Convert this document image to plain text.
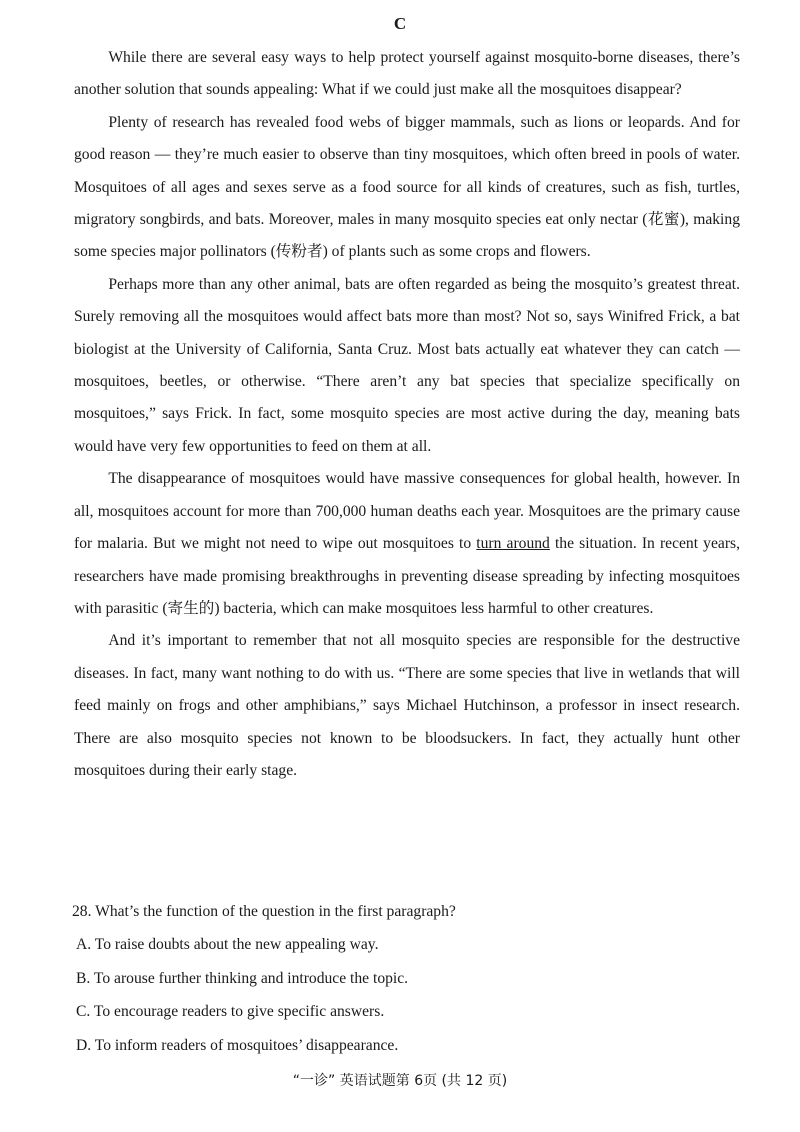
C

While there are several easy ways to help protect yourself against mosquito-borne diseases, there’s another solution that sounds appealing: What if we could just make all the mosquitoes disappear?

Plenty of research has revealed food webs of bigger mammals, such as lions or leopards. And for good reason — they’re much easier to observe than tiny mosquitoes, which often breed in pools of water. Mosquitoes of all ages and sexes serve as a food source for all kinds of creatures, such as fish, turtles, migratory songbirds, and bats. Moreover, males in many mosquito species eat only nectar (花蜜), making some species major pollinators (传粉者) of plants such as some crops and flowers.

Perhaps more than any other animal, bats are often regarded as being the mosquito’s greatest threat. Surely removing all the mosquitoes would affect bats more than most? Not so, says Winifred Frick, a bat biologist at the University of California, Santa Cruz. Most bats actually eat whatever they can catch — mosquitoes, beetles, or otherwise. “There aren’t any bat species that specialize specifically on mosquitoes,” says Frick. In fact, some mosquito species are most active during the day, meaning bats would have very few opportunities to feed on them at all.

The disappearance of mosquitoes would have massive consequences for global health, however. In all, mosquitoes account for more than 700,000 human deaths each year. Mosquitoes are the primary cause for malaria. But we might not need to wipe out mosquitoes to turn around the situation. In recent years, researchers have made promising breakthroughs in preventing disease spreading by infecting mosquitoes with parasitic (寄生的) bacteria, which can make mosquitoes less harmful to other creatures.

And it’s important to remember that not all mosquito species are responsible for the destructive diseases. In fact, many want nothing to do with us. “There are some species that live in wetlands that will feed mainly on frogs and other amphibians,” says Michael Hutchinson, a professor in insect research. There are also mosquito species not known to be bloodsuckers. In fact, they actually hunt other mosquitoes during their early stage.

28. What’s the function of the question in the first paragraph?
A. To raise doubts about the new appealing way.
B. To arouse further thinking and introduce the topic.
C. To encourage readers to give specific answers.
D. To inform readers of mosquitoes’ disappearance.
“一诊” 英语试题第 6页 (共 12 页)
